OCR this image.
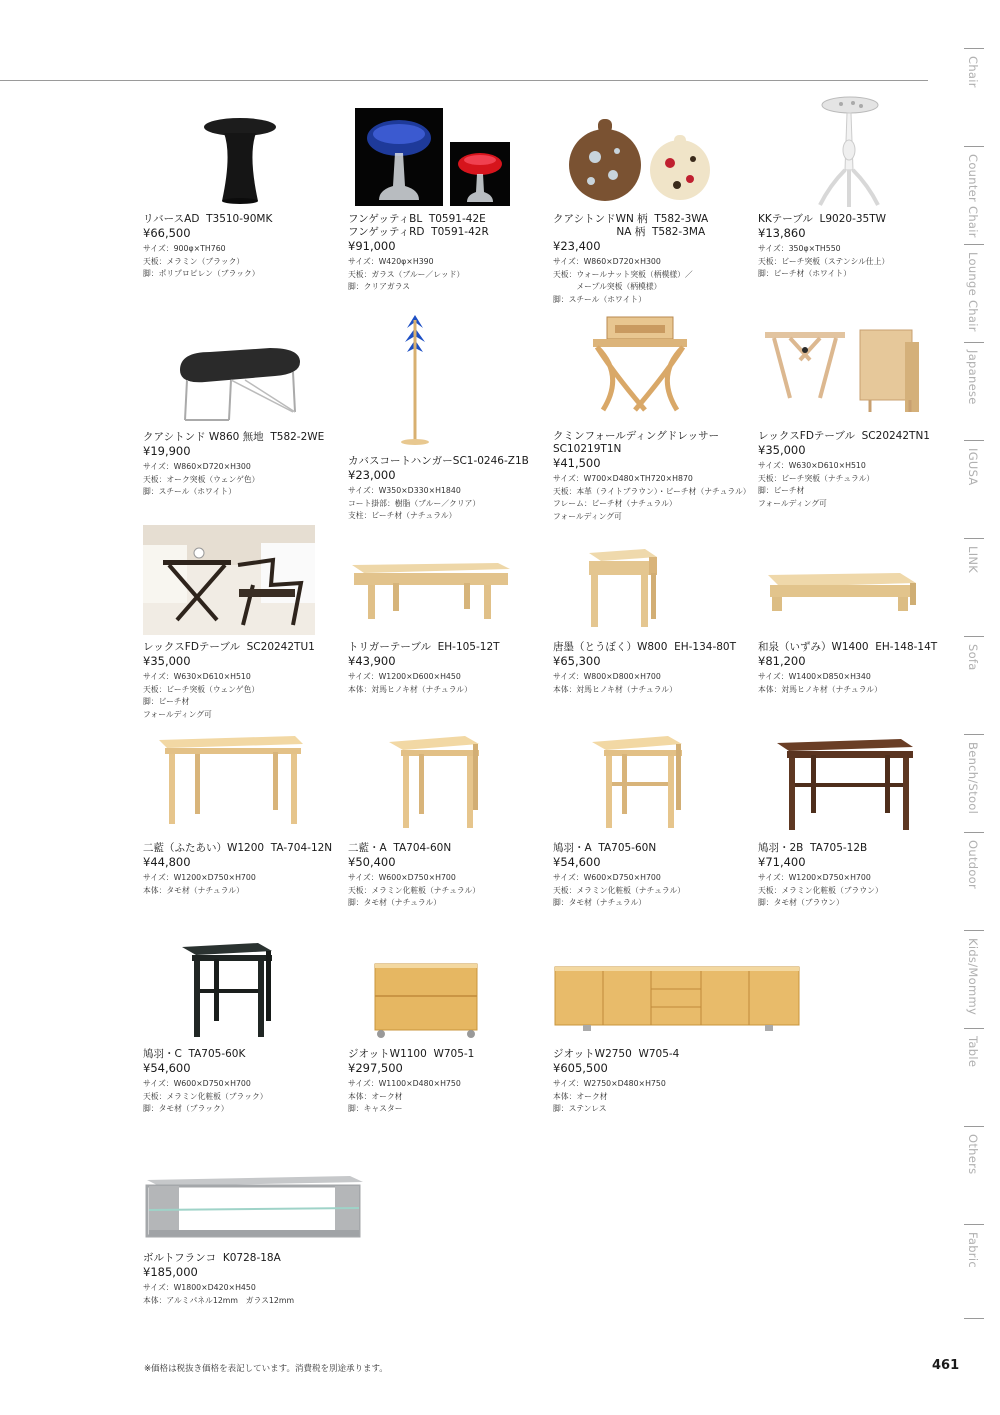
Chair
Counter Chair
Lounge Chair
Japanese
IGUSA
LINK
Sofa
Bench/Stool
Outdoor
Kids/Mommy
Table
Others
Fabric
リバースAD  T3510-90MK
¥66,500
サイズ：900φ×TH760
天板：メラミン（ブラック）
脚：ポリプロピレン（ブラック）
フンゲッティBL  T0591-42E
フンゲッティRD  T0591-42R
¥91,000
サイズ：W420φ×H390
天板：ガラス（ブルー／レッド）
脚：クリアガラス
クアシトンドWN 柄  T582-3WA
NA 柄  T582-3MA
¥23,400
サイズ：W860×D720×H300
天板：ウォールナット突板（柄模様）／
　　　メープル突板（柄模様）
脚：スチール（ホワイト）
KKテーブル  L9020-35TW
¥13,860
サイズ：350φ×TH550
天板：ビーチ突板（ステンシル仕上）
脚：ビーチ材（ホワイト）
クアシトンド W860 無地  T582-2WE
¥19,900
サイズ：W860×D720×H300
天板：オーク突板（ウェンゲ色）
脚：スチール（ホワイト）
カバスコートハンガーSC1-0246-Z1B
¥23,000
サイズ：W350×D330×H1840
コート掛部：樹脂（ブルー／クリア）
支柱：ビーチ材（ナチュラル）
クミンフォールディングドレッサー
SC10219T1N
¥41,500
サイズ：W700×D480×TH720×H870
天板：本革（ライトブラウン）・ビーチ材（ナチュラル）
フレーム：ビーチ材（ナチュラル）
フォールディング可
レックスFDテーブル  SC20242TN1
¥35,000
サイズ：W630×D610×H510
天板：ビーチ突板（ナチュラル）
脚：ビーチ材
フォールディング可
レックスFDテーブル  SC20242TU1
¥35,000
サイズ：W630×D610×H510
天板：ビーチ突板（ウェンゲ色）
脚：ビーチ材
フォールディング可
トリガーテーブル  EH-105-12T
¥43,900
サイズ：W1200×D600×H450
本体：対馬ヒノキ材（ナチュラル）
唐墨（とうぼく）W800  EH-134-80T
¥65,300
サイズ：W800×D800×H700
本体：対馬ヒノキ材（ナチュラル）
和泉（いずみ）W1400  EH-148-14T
¥81,200
サイズ：W1400×D850×H340
本体：対馬ヒノキ材（ナチュラル）
二藍（ふたあい）W1200  TA-704-12N
¥44,800
サイズ：W1200×D750×H700
本体：タモ材（ナチュラル）
二藍・A  TA704-60N
¥50,400
サイズ：W600×D750×H700
天板：メラミン化粧板（ナチュラル）
脚：タモ材（ナチュラル）
鳩羽・A  TA705-60N
¥54,600
サイズ：W600×D750×H700
天板：メラミン化粧板（ナチュラル）
脚：タモ材（ナチュラル）
鳩羽・2B  TA705-12B
¥71,400
サイズ：W1200×D750×H700
天板：メラミン化粧板（ブラウン）
脚：タモ材（ブラウン）
鳩羽・C  TA705-60K
¥54,600
サイズ：W600×D750×H700
天板：メラミン化粧板（ブラック）
脚：タモ材（ブラック）
ジオットW1100  W705-1
¥297,500
サイズ：W1100×D480×H750
本体：オーク材
脚：キャスター
ジオットW2750  W705-4
¥605,500
サイズ：W2750×D480×H750
本体：オーク材
脚：ステンレス
ボルトフランコ  K0728-18A
¥185,000
サイズ：W1800×D420×H450
本体：アルミパネル12mm　ガラス12mm
※価格は税抜き価格を表記しています。消費税を別途承ります。	461
